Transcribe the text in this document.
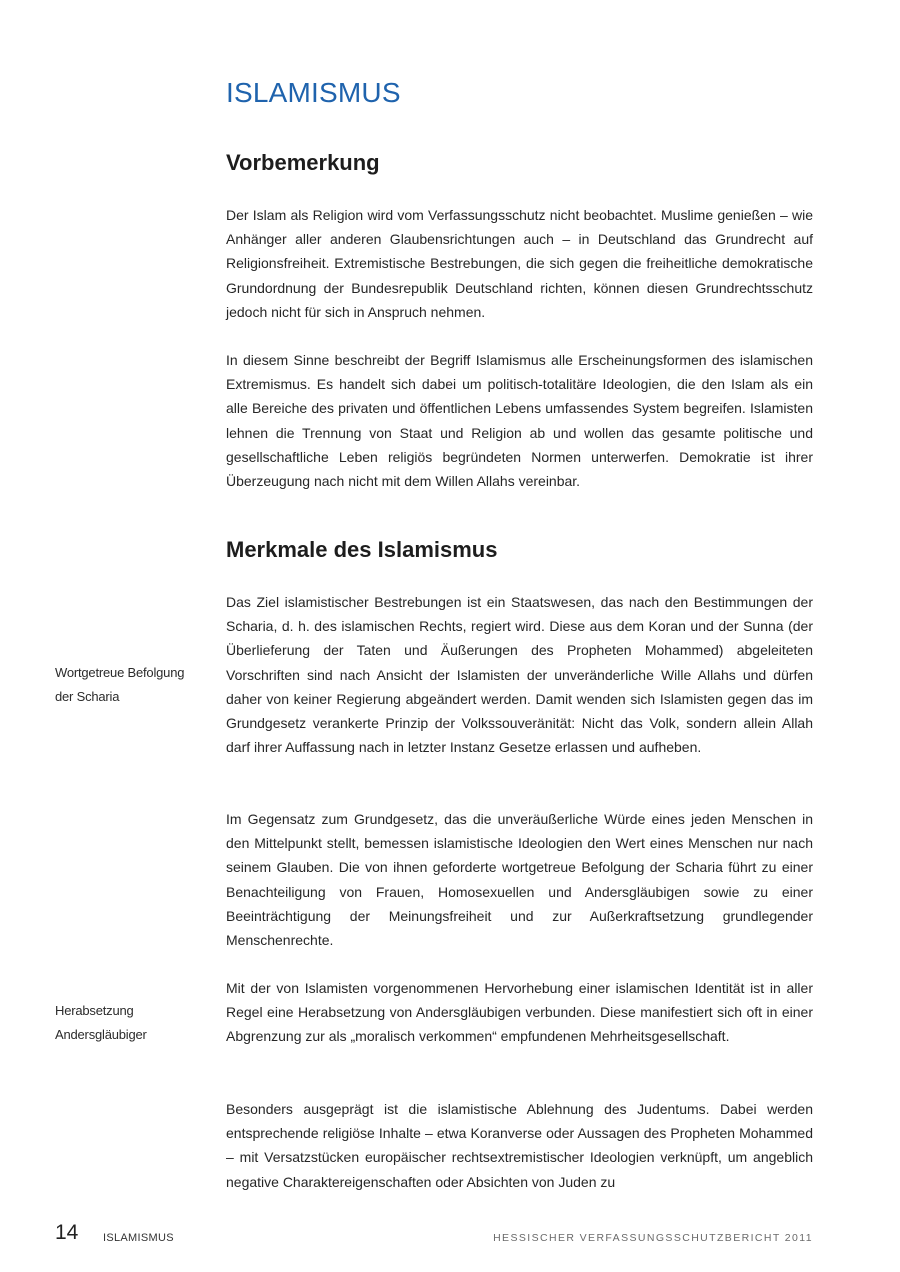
ISLAMISMUS
Vorbemerkung

Der Islam als Religion wird vom Verfassungsschutz nicht beobachtet. Muslime genießen – wie Anhänger aller anderen Glaubensrichtungen auch – in Deutschland das Grundrecht auf Religionsfreiheit. Extremistische Bestrebungen, die sich gegen die freiheitliche demokratische Grundordnung der Bundesrepublik Deutschland richten, können diesen Grundrechtsschutz jedoch nicht für sich in Anspruch nehmen.

In diesem Sinne beschreibt der Begriff Islamismus alle Erscheinungsformen des islamischen Extremismus. Es handelt sich dabei um politisch-totalitäre Ideologien, die den Islam als ein alle Bereiche des privaten und öffentlichen Lebens umfassendes System begreifen. Islamisten lehnen die Trennung von Staat und Religion ab und wollen das gesamte politische und gesellschaftliche Leben religiös begründeten Normen unterwerfen. Demokratie ist ihrer Überzeugung nach nicht mit dem Willen Allahs vereinbar.

Merkmale des Islamismus

Das Ziel islamistischer Bestrebungen ist ein Staatswesen, das nach den Bestimmungen der Scharia, d. h. des islamischen Rechts, regiert wird. Diese aus dem Koran und der Sunna (der Überlieferung der Taten und Äußerungen des Propheten Mohammed) abgeleiteten Vorschriften sind nach Ansicht der Islamisten der unveränderliche Wille Allahs und dürfen daher von keiner Regierung abgeändert werden. Damit wenden sich Islamisten gegen das im Grundgesetz verankerte Prinzip der Volkssouveränität: Nicht das Volk, sondern allein Allah darf ihrer Auffassung nach in letzter Instanz Gesetze erlassen und aufheben.

Im Gegensatz zum Grundgesetz, das die unveräußerliche Würde eines jeden Menschen in den Mittelpunkt stellt, bemessen islamistische Ideologien den Wert eines Menschen nur nach seinem Glauben. Die von ihnen geforderte wortgetreue Befolgung der Scharia führt zu einer Benachteiligung von Frauen, Homosexuellen und Andersgläubigen sowie zu einer Beeinträchtigung der Meinungsfreiheit und zur Außerkraftsetzung grundlegender Menschenrechte.

Mit der von Islamisten vorgenommenen Hervorhebung einer islamischen Identität ist in aller Regel eine Herabsetzung von Andersgläubigen verbunden. Diese manifestiert sich oft in einer Abgrenzung zur als „moralisch verkommen“ empfundenen Mehrheitsgesellschaft.

Besonders ausgeprägt ist die islamistische Ablehnung des Judentums. Dabei werden entsprechende religiöse Inhalte – etwa Koranverse oder Aussagen des Propheten Mohammed – mit Versatzstücken europäischer rechtsextremistischer Ideologien verknüpft, um angeblich negative Charaktereigenschaften oder Absichten von Juden zu

Wortgetreue Befolgung
der Scharia
Herabsetzung
Andersgläubiger
14 ISLAMISMUS	HESSISCHER VERFASSUNGSSCHUTZBERICHT 2011
